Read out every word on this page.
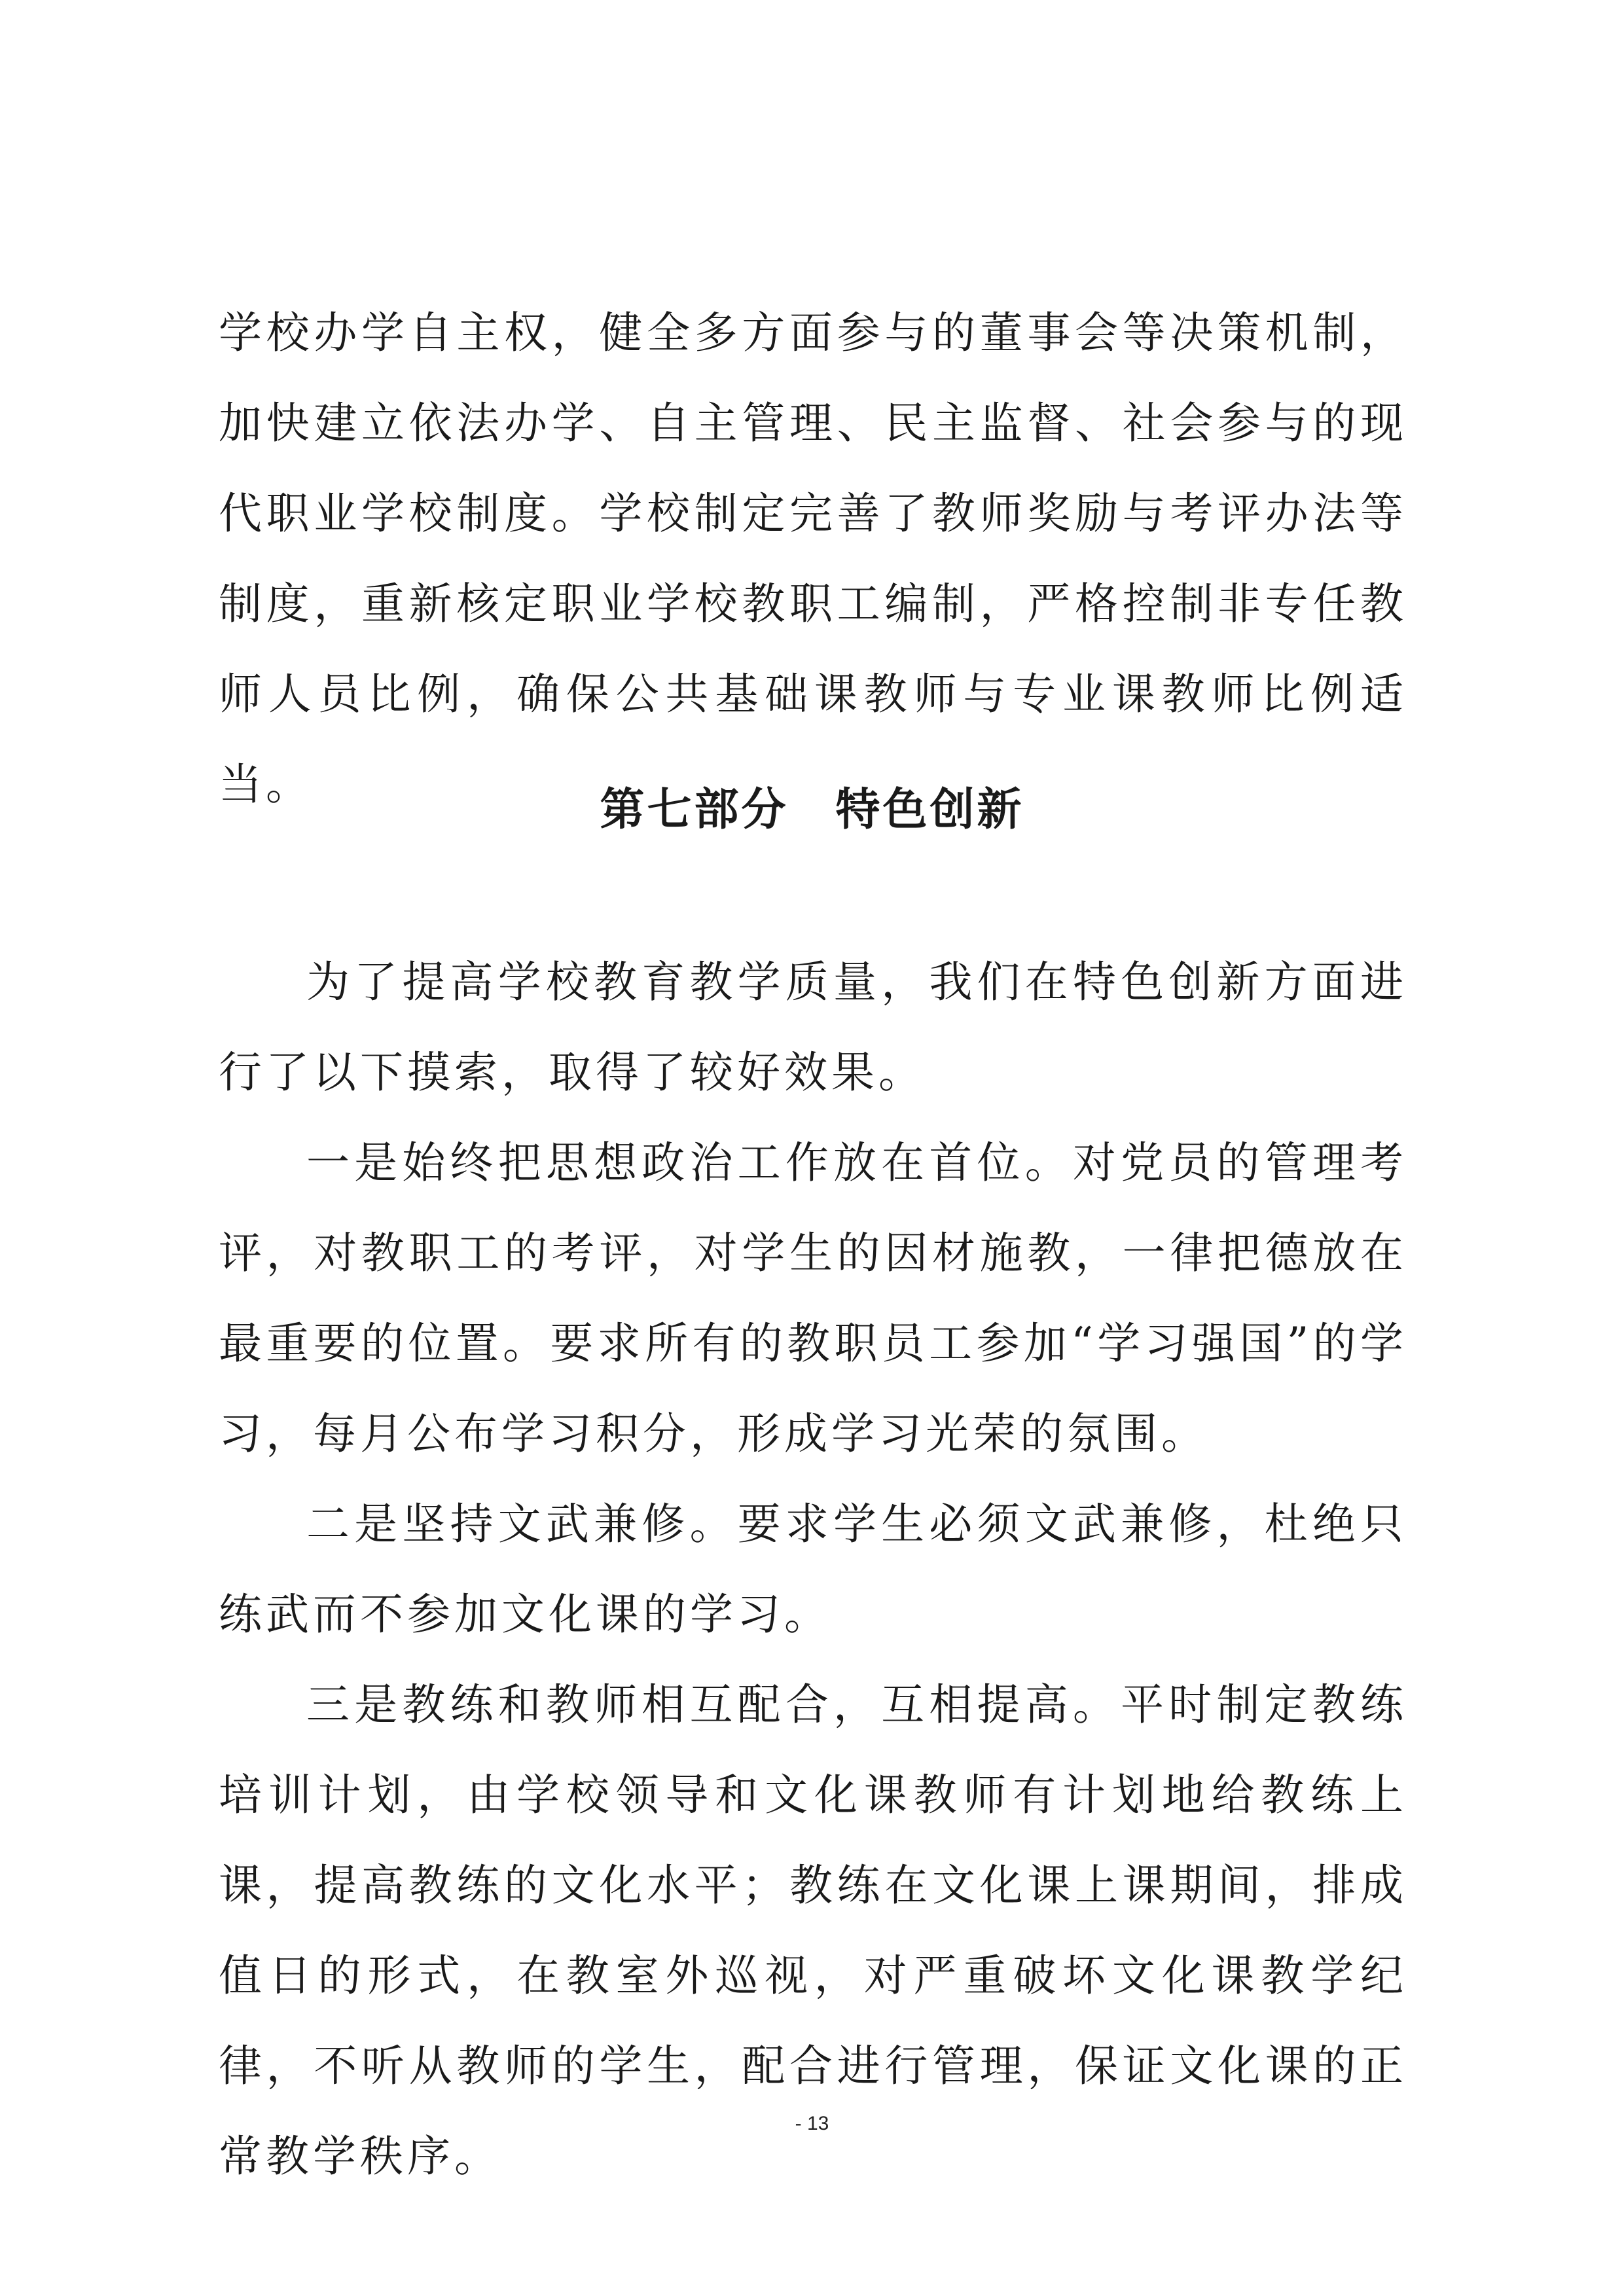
学校办学自主权，健全多方面参与的董事会等决策机制，加快建立依法办学、自主管理、民主监督、社会参与的现代职业学校制度。学校制定完善了教师奖励与考评办法等制度，重新核定职业学校教职工编制，严格控制非专任教师人员比例，确保公共基础课教师与专业课教师比例适当。	第七部分　特色创新

为了提高学校教育教学质量，我们在特色创新方面进行了以下摸索，取得了较好效果。

一是始终把思想政治工作放在首位。对党员的管理考评，对教职工的考评，对学生的因材施教，一律把德放在最重要的位置。要求所有的教职员工参加“学习强国”的学习，每月公布学习积分，形成学习光荣的氛围。

二是坚持文武兼修。要求学生必须文武兼修，杜绝只练武而不参加文化课的学习。

三是教练和教师相互配合，互相提高。平时制定教练培训计划，由学校领导和文化课教师有计划地给教练上课，提高教练的文化水平；教练在文化课上课期间，排成值日的形式，在教室外巡视，对严重破坏文化课教学纪律，不听从教师的学生，配合进行管理，保证文化课的正常教学秩序。

- 13
